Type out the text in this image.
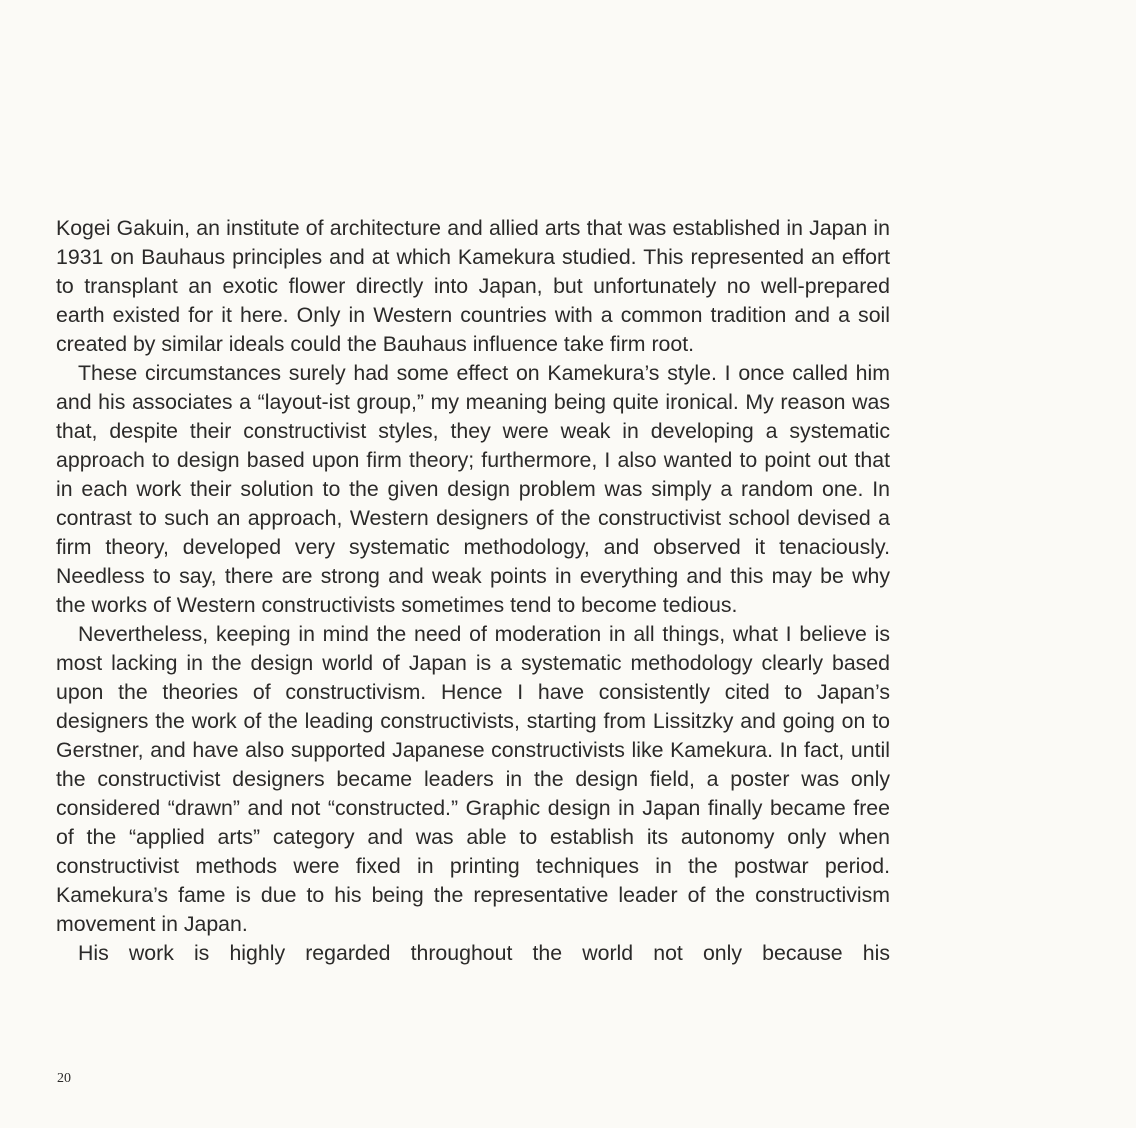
Kogei Gakuin, an institute of architecture and allied arts that was established in Japan in 1931 on Bauhaus principles and at which Kamekura studied. This represented an effort to transplant an exotic flower directly into Japan, but unfortunately no well-prepared earth existed for it here. Only in Western countries with a common tradition and a soil created by similar ideals could the Bauhaus influence take firm root.

These circumstances surely had some effect on Kamekura’s style. I once called him and his associates a “layout-ist group,” my meaning being quite ironical. My reason was that, despite their constructivist styles, they were weak in developing a systematic approach to design based upon firm theory; furthermore, I also wanted to point out that in each work their solution to the given design problem was simply a random one. In contrast to such an approach, Western designers of the constructivist school devised a firm theory, developed very systematic methodology, and observed it tenaciously. Needless to say, there are strong and weak points in everything and this may be why the works of Western constructivists sometimes tend to become tedious.

Nevertheless, keeping in mind the need of moderation in all things, what I believe is most lacking in the design world of Japan is a systematic methodology clearly based upon the theories of constructivism. Hence I have consistently cited to Japan’s designers the work of the leading constructivists, starting from Lissitzky and going on to Gerstner, and have also supported Japanese constructivists like Kamekura. In fact, until the constructivist designers became leaders in the design field, a poster was only considered “drawn” and not “constructed.” Graphic design in Japan finally became free of the “applied arts” category and was able to establish its autonomy only when constructivist methods were fixed in printing techniques in the postwar period. Kamekura’s fame is due to his being the representative leader of the constructivism movement in Japan.

His work is highly regarded throughout the world not only because his

20
